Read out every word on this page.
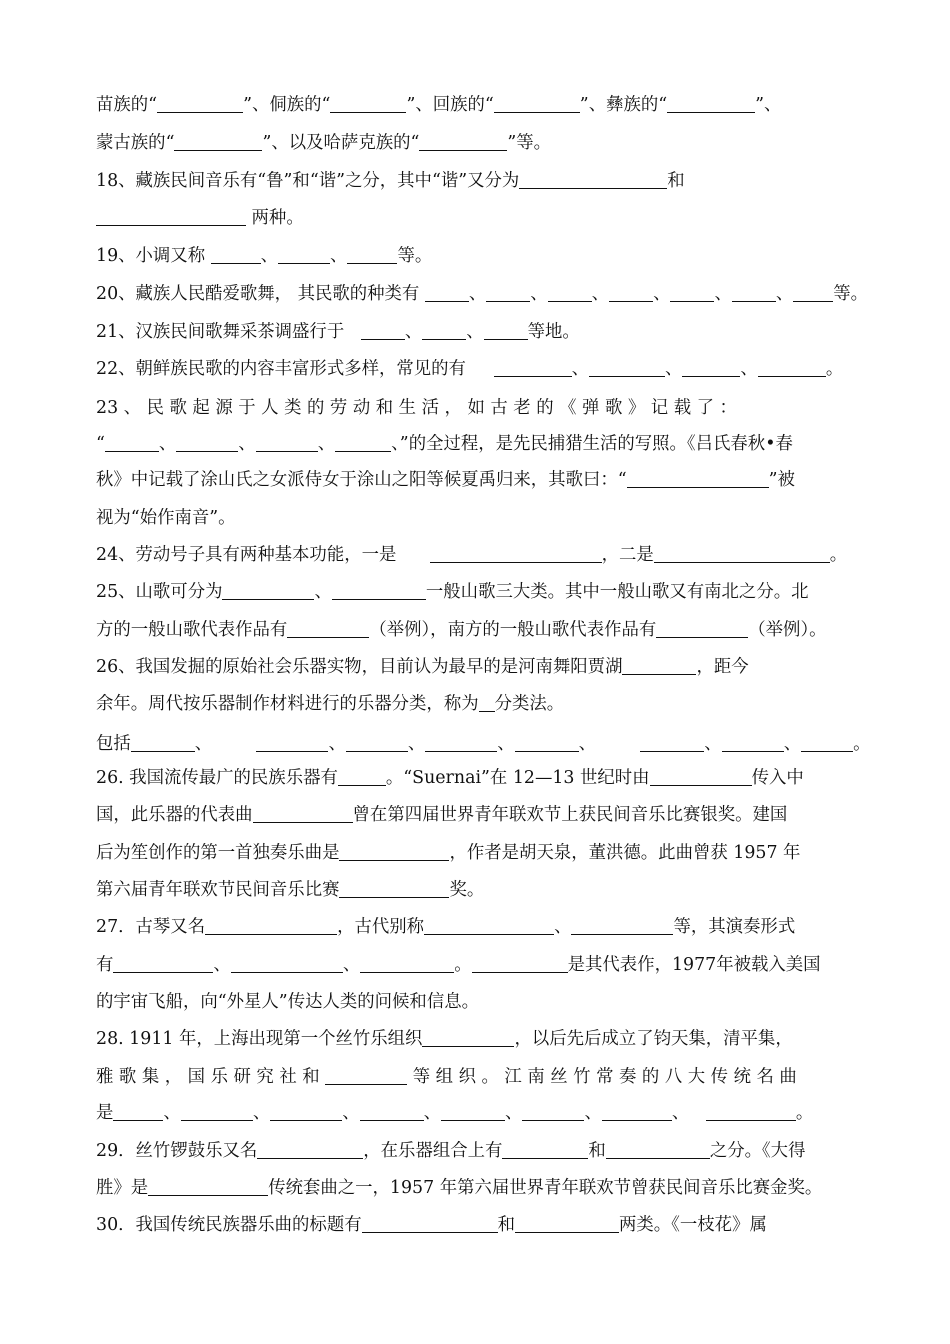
苗族的“	”、侗族的“	”、回族的“	”、彝族的“	”、
蒙古族的“	”、以及哈萨克族的“	”等。
18、藏族民间音乐有“鲁”和“谐”之分，其中“谐”又分为	和
两种。
19、小调又称	、	、	等。
20、藏族人民酷爱歌舞， 其民歌的种类有	、	、	、	、	、	、 等。
21、汉族民间歌舞采茶调盛行于	、	、	等地。
22、朝鲜族民歌的内容丰富形式多样，常见的有	、	、	、	。
23 、 民 歌 起 源 于 人 类 的 劳 动 和 生 活 ， 如 古 老 的 《 弹 歌 》 记 载 了 ：
“	、	、	、	、”的全过程，是先民捕猎生活的写照。《吕氏春秋•春
秋》中记载了涂山氏之女派侍女于涂山之阳等候夏禹归来，其歌曰：“	”被
视为“始作南音”。
24、劳动号子具有两种基本功能，一是	，二是	。
25、山歌可分为	、	一般山歌三大类。其中一般山歌又有南北之分。北
方的一般山歌代表作品有	（举例），南方的一般山歌代表作品有	（举例）。
26、我国发掘的原始社会乐器实物，目前认为最早的是河南舞阳贾湖	，距今
余年。周代按乐器制作材料进行的乐器分类，称为 分类法。
包括	、	、	、	、	、	、	、	。
26. 我国流传最广的民族乐器有	。“Suernai”在 12—13 世纪时由	传入中
国，此乐器的代表曲	曾在第四届世界青年联欢节上获民间音乐比赛银奖。建国
后为笙创作的第一首独奏乐曲是	，作者是胡天泉，董洪德。此曲曾获 1957 年
第六届青年联欢节民间音乐比赛	奖。
27．古琴又名	，古代别称	、	等，其演奏形式
有	、	、	。	是其代表作，1977年被载入美国
的宇宙飞船，向“外星人”传达人类的问候和信息。
28. 1911 年，上海出现第一个丝竹乐组织	，以后先后成立了钧天集，清平集，
雅 歌 集 ， 国 乐 研 究 社 和	等 组 织 。 江 南 丝 竹 常 奏 的 八 大 传 统 名 曲
是	、	、	、	、	、	、	、	。
29．丝竹锣鼓乐又名	，在乐器组合上有	和	之分。《大得
胜》是	传统套曲之一，1957 年第六届世界青年联欢节曾获民间音乐比赛金奖。
30．我国传统民族器乐曲的标题有	和	两类。《一枝花》属
